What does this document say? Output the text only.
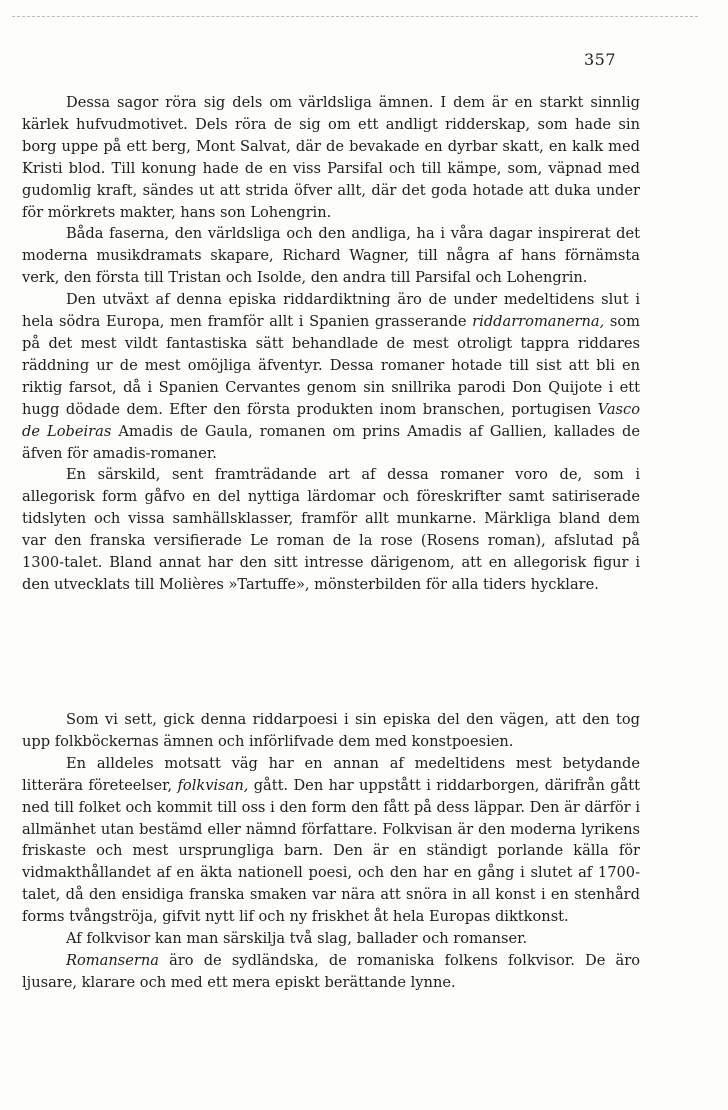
357

Dessa sagor röra sig dels om världsliga ämnen. I dem är en starkt sinnlig kärlek hufvudmotivet. Dels röra de sig om ett andligt ridderskap, som hade sin borg uppe på ett berg, Mont Salvat, där de bevakade en dyrbar skatt, en kalk med Kristi blod. Till konung hade de en viss Parsifal och till kämpe, som, väpnad med gudomlig kraft, sändes ut att strida öfver allt, där det goda hotade att duka under för mörkrets makter, hans son Lohengrin.

Båda faserna, den världsliga och den andliga, ha i våra dagar inspirerat det moderna musikdramats skapare, Richard Wagner, till några af hans förnämsta verk, den första till Tristan och Isolde, den andra till Parsifal och Lohengrin.

Den utväxt af denna episka riddardiktning äro de under medeltidens slut i hela södra Europa, men framför allt i Spanien grasserande riddarromanerna, som på det mest vildt fantastiska sätt behandlade de mest otroligt tappra riddares räddning ur de mest omöjliga äfventyr. Dessa romaner hotade till sist att bli en riktig farsot, då i Spanien Cervantes genom sin snillrika parodi Don Quijote i ett hugg dödade dem. Efter den första produkten inom branschen, portugisen Vasco de Lobeiras Amadis de Gaula, romanen om prins Amadis af Gallien, kallades de äfven för amadis-romaner.

En särskild, sent framträdande art af dessa romaner voro de, som i allegorisk form gåfvo en del nyttiga lärdomar och föreskrifter samt satiriserade tidslyten och vissa samhällsklasser, framför allt munkarne. Märkliga bland dem var den franska versifierade Le roman de la rose (Rosens roman), afslutad på 1300-talet. Bland annat har den sitt intresse därigenom, att en allegorisk figur i den utvecklats till Molières »Tartuffe», mönsterbilden för alla tiders hycklare.

Som vi sett, gick denna riddarpoesi i sin episka del den vägen, att den tog upp folkböckernas ämnen och införlifvade dem med konstpoesien.

En alldeles motsatt väg har en annan af medeltidens mest betydande litterära företeelser, folkvisan, gått. Den har uppstått i riddarborgen, därifrån gått ned till folket och kommit till oss i den form den fått på dess läppar. Den är därför i allmänhet utan bestämd eller nämnd författare. Folkvisan är den moderna lyrikens friskaste och mest ursprungliga barn. Den är en ständigt porlande källa för vidmakthållandet af en äkta nationell poesi, och den har en gång i slutet af 1700-talet, då den ensidiga franska smaken var nära att snöra in all konst i en stenhård forms tvångströja, gifvit nytt lif och ny friskhet åt hela Europas diktkonst.

Af folkvisor kan man särskilja två slag, ballader och romanser.

Romanserna äro de sydländska, de romaniska folkens folkvisor. De äro ljusare, klarare och med ett mera episkt berättande lynne.
